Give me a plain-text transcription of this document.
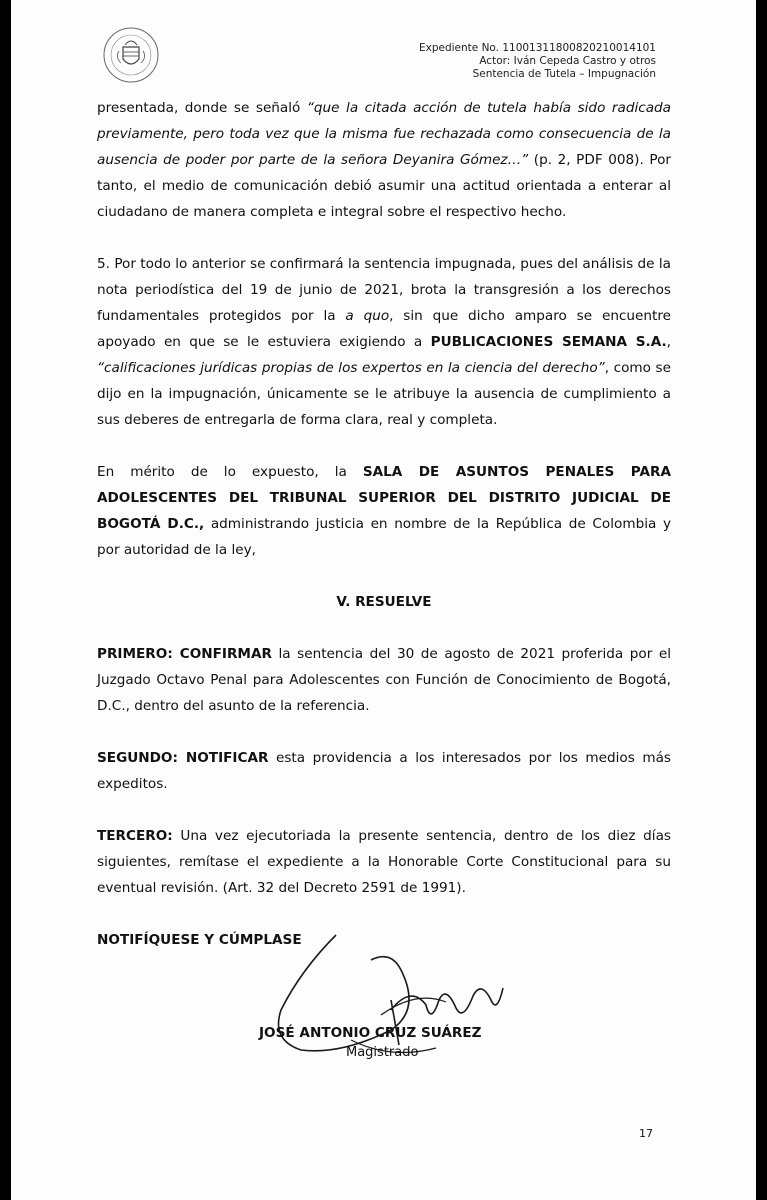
Expediente No. 11001311800820210014101
Actor: Iván Cepeda Castro y otros
Sentencia de Tutela – Impugnación

presentada, donde se señaló “que la citada acción de tutela había sido radicada previamente, pero toda vez que la misma fue rechazada como consecuencia de la ausencia de poder por parte de la señora Deyanira Gómez…” (p. 2, PDF 008). Por tanto, el medio de comunicación debió asumir una actitud orientada a enterar al ciudadano de manera completa e integral sobre el respectivo hecho.

5. Por todo lo anterior se confirmará la sentencia impugnada, pues del análisis de la nota periodística del 19 de junio de 2021, brota la transgresión a los derechos fundamentales protegidos por la a quo, sin que dicho amparo se encuentre apoyado en que se le estuviera exigiendo a PUBLICACIONES SEMANA S.A., “calificaciones jurídicas propias de los expertos en la ciencia del derecho”, como se dijo en la impugnación, únicamente se le atribuye la ausencia de cumplimiento a sus deberes de entregarla de forma clara, real y completa.

En mérito de lo expuesto, la SALA DE ASUNTOS PENALES PARA ADOLESCENTES DEL TRIBUNAL SUPERIOR DEL DISTRITO JUDICIAL DE BOGOTÁ D.C., administrando justicia en nombre de la República de Colombia y por autoridad de la ley,

V. RESUELVE

PRIMERO: CONFIRMAR la sentencia del 30 de agosto de 2021 proferida por el Juzgado Octavo Penal para Adolescentes con Función de Conocimiento de Bogotá, D.C., dentro del asunto de la referencia.

SEGUNDO: NOTIFICAR esta providencia a los interesados por los medios más expeditos.

TERCERO: Una vez ejecutoriada la presente sentencia, dentro de los diez días siguientes, remítase el expediente a la Honorable Corte Constitucional para su eventual revisión. (Art. 32 del Decreto 2591 de 1991).

NOTIFÍQUESE Y CÚMPLASE
JOSÉ ANTONIO CRUZ SUÁREZ
Magistrado
17
